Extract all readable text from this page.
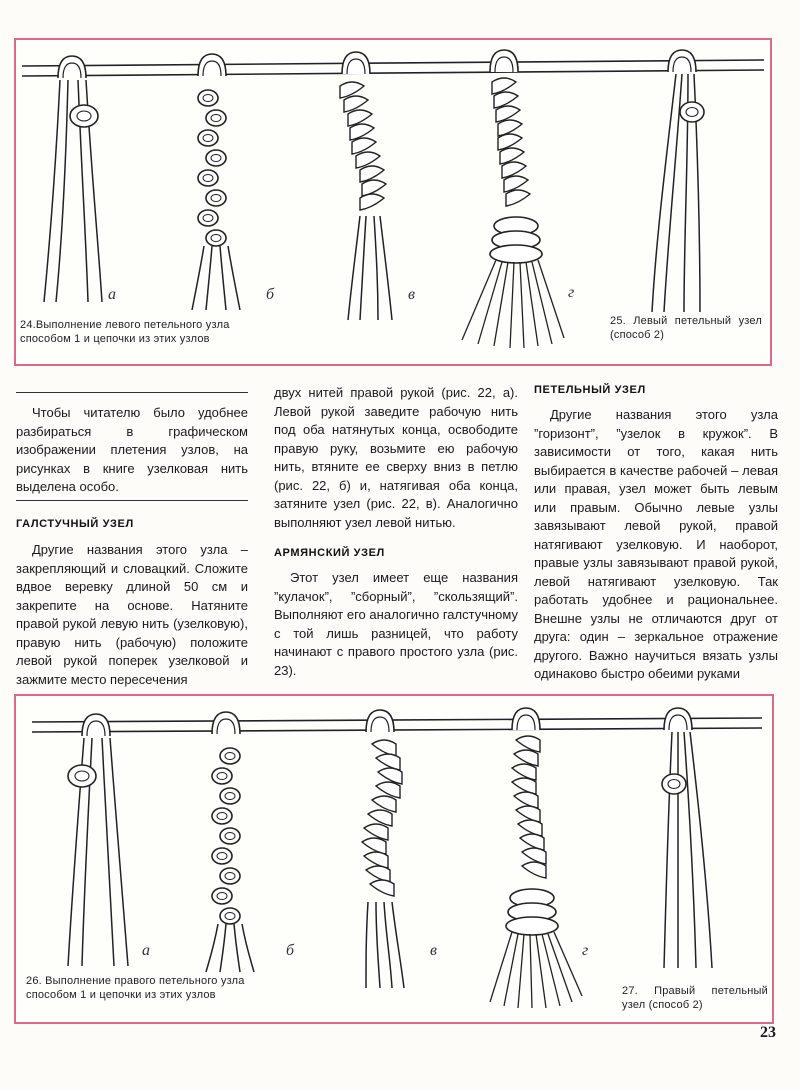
а	б	в	г
24.Выполнение левого петельного узла способом 1 и цепочки из этих узлов
25. Левый петельный узел (способ 2)

Чтобы читателю было удобнее разбираться в графическом изображении плетения узлов, на рисунках в книге узелковая нить выделена особо.

ГАЛСТУЧНЫЙ УЗЕЛ

Другие названия этого узла – закрепляющий и словацкий. Сложите вдвое веревку длиной 50 см и закрепите на основе. Натяните правой рукой левую нить (узелковую), правую нить (рабочую) положите левой рукой поперек узелковой и зажмите место пересечения

двух нитей правой рукой (рис. 22, а). Левой рукой заведите рабочую нить под оба натянутых конца, освободите правую руку, возьмите ею рабочую нить, втяните ее сверху вниз в петлю (рис. 22, б) и, натягивая оба конца, затяните узел (рис. 22, в). Аналогично выполняют узел левой нитью.

АРМЯНСКИЙ УЗЕЛ

Этот узел имеет еще названия ”кулачок”, ”сборный”, ”скользящий”. Выполняют его аналогично галстучному с той лишь разницей, что работу начинают с правого простого узла (рис. 23).

ПЕТЕЛЬНЫЙ УЗЕЛ

Другие названия этого узла ”горизонт”, ”узелок в кружок”. В зависимости от того, какая нить выбирается в качестве рабочей – левая или правая, узел может быть левым или правым. Обычно левые узлы завязывают левой рукой, правой натягивают узелковую. И наоборот, правые узлы завязывают правой рукой, левой натягивают узелковую. Так работать удобнее и рациональнее. Внешне узлы не отличаются друг от друга: один – зеркальное отражение другого. Важно научиться вязать узлы одинаково быстро обеими руками

а	б	в	г
26. Выполнение правого петельного узла способом 1 и цепочки из этих узлов	27. Правый петельный узел (способ 2)
23
